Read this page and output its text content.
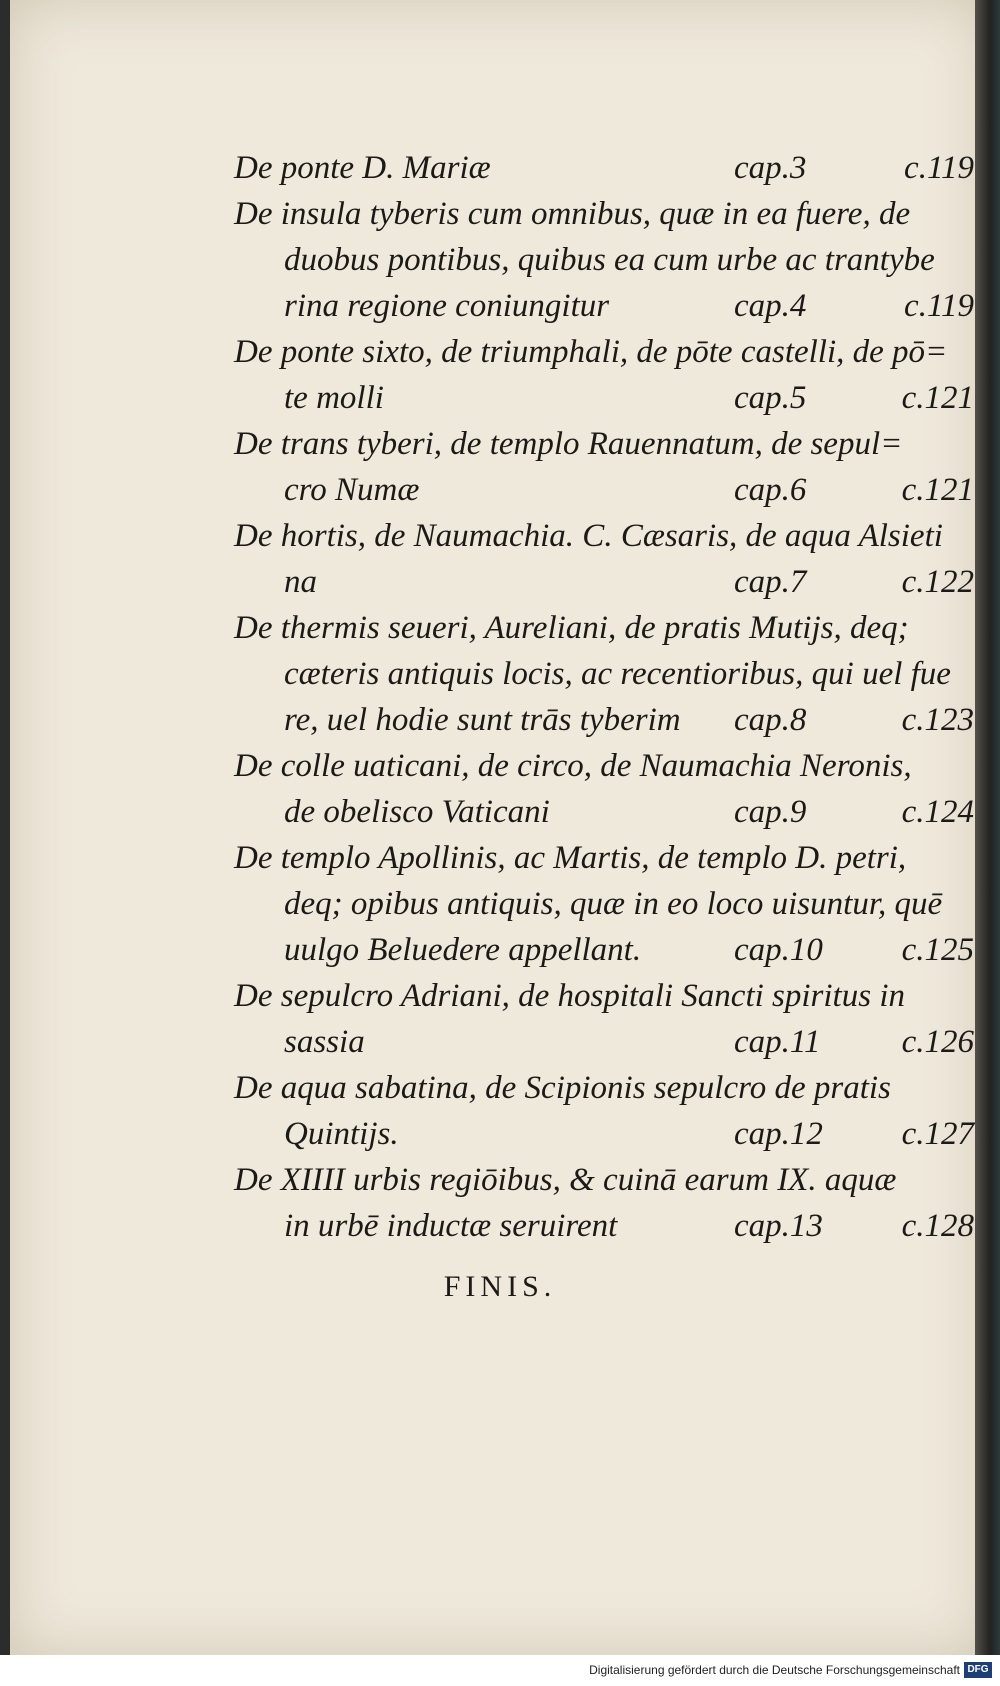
De ponte D. Mariæ	cap.3	c.119
De insula tyberis cum omnibus, quæ in ea fuere, de
duobus pontibus, quibus ea cum urbe ac trantybe
rina regione coniungitur	cap.4	c.119
De ponte sixto, de triumphali, de pōte castelli, de pō=
te molli	cap.5	c.121
De trans tyberi, de templo Rauennatum, de sepul=
cro Numæ	cap.6	c.121
De hortis, de Naumachia. C. Cæsaris, de aqua Alsieti
na	cap.7	c.122
De thermis seueri, Aureliani, de pratis Mutijs, deq;
cæteris antiquis locis, ac recentioribus, qui uel fue
re, uel hodie sunt trās tyberim cap.8	c.123
De colle uaticani, de circo, de Naumachia Neronis,
de obelisco Vaticani	cap.9	c.124
De templo Apollinis, ac Martis, de templo D. petri,
deq; opibus antiquis, quæ in eo loco uisuntur, quē
uulgo Beluedere appellant.	cap.10	c.125
De sepulcro Adriani, de hospitali Sancti spiritus in
sassia	cap.11	c.126
De aqua sabatina, de Scipionis sepulcro de pratis
Quintijs.	cap.12	c.127
De XIIII urbis regiōibus, & cuinā earum IX. aquæ
in urbē inductæ seruirent	cap.13	c.128
FINIS.
Digitalisierung gefördert durch die Deutsche Forschungsgemeinschaft DFG
